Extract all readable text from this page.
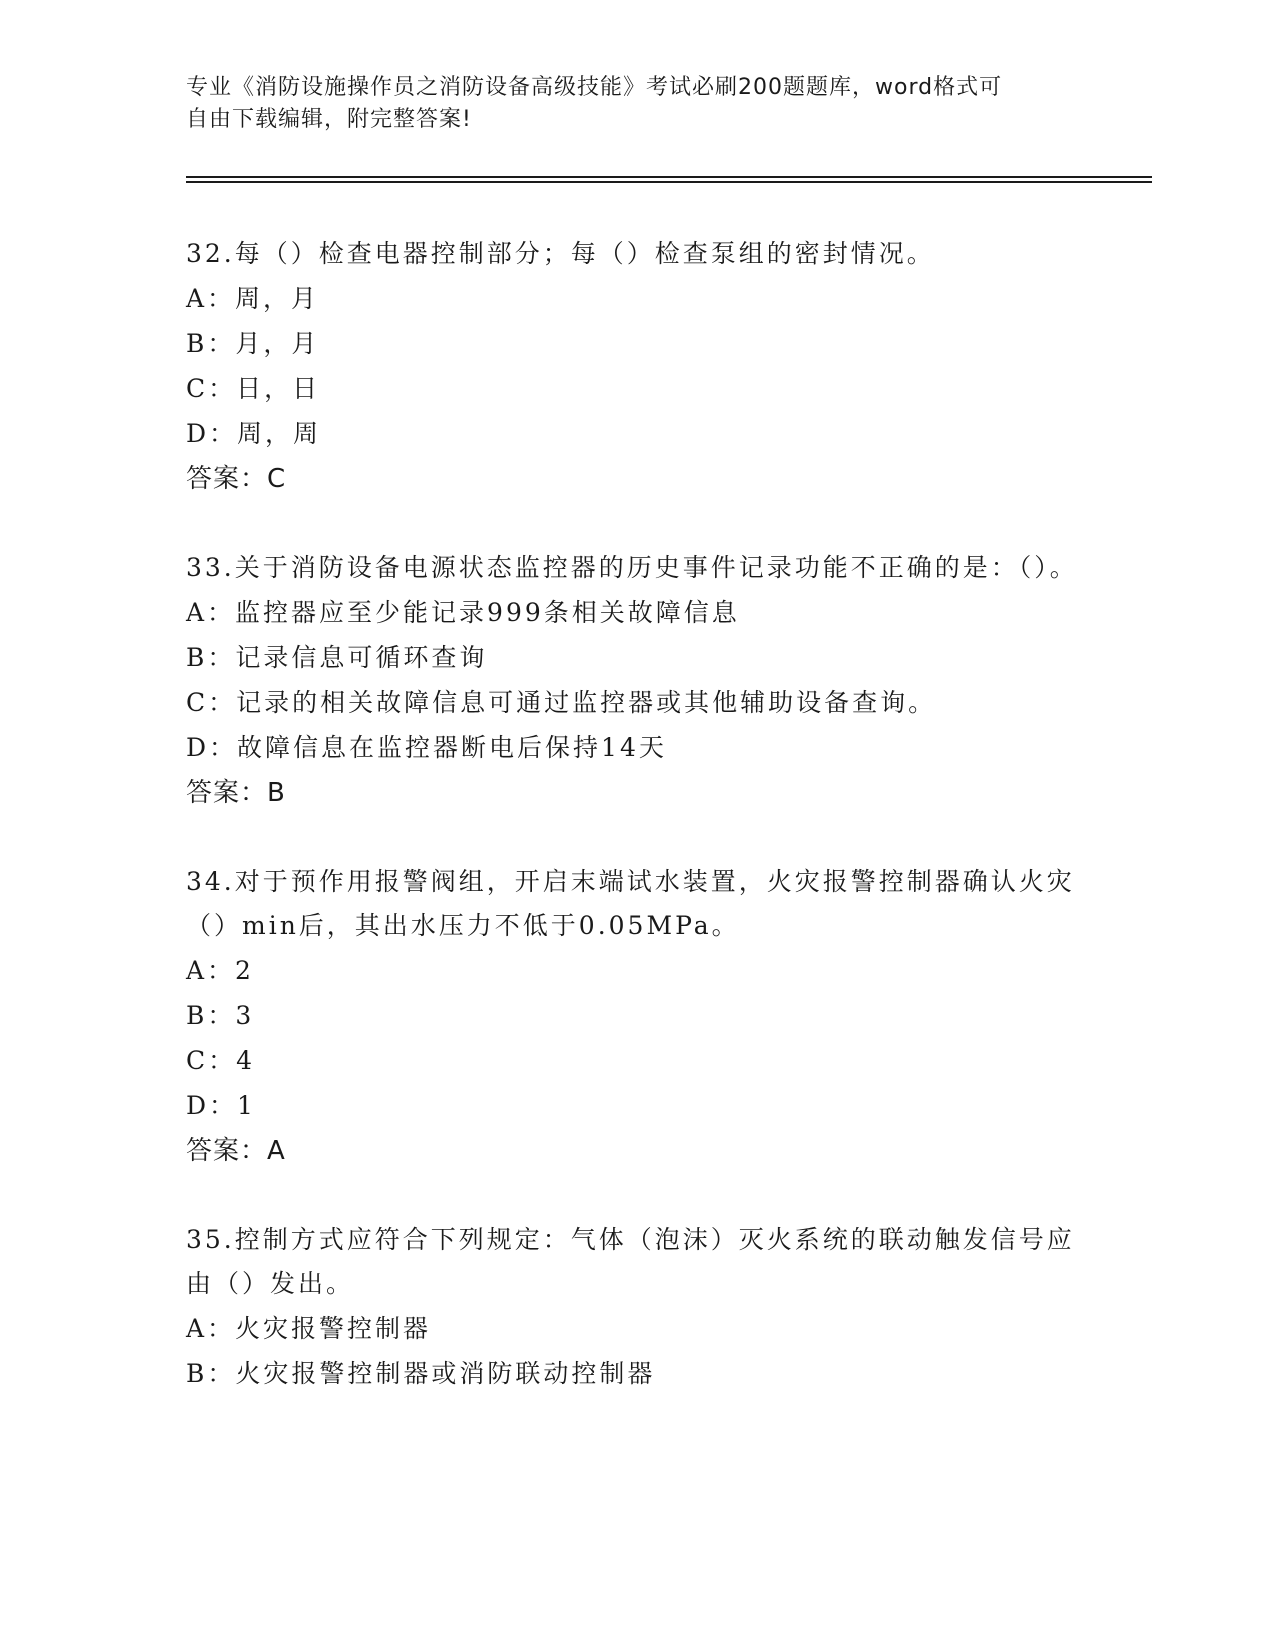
专业《消防设施操作员之消防设备高级技能》考试必刷200题题库，word格式可
自由下载编辑，附完整答案!
32.每（）检查电器控制部分；每（）检查泵组的密封情况。
A：周，月
B：月，月
C：日，日
D：周，周
答案：C
33.关于消防设备电源状态监控器的历史事件记录功能不正确的是：（）。
A：监控器应至少能记录999条相关故障信息
B：记录信息可循环查询
C：记录的相关故障信息可通过监控器或其他辅助设备查询。
D：故障信息在监控器断电后保持14天
答案：B
34.对于预作用报警阀组，开启末端试水装置，火灾报警控制器确认火灾（）min后，其出水压力不低于0.05MPa。
A：2
B：3
C：4
D：1
答案：A
35.控制方式应符合下列规定：气体（泡沫）灭火系统的联动触发信号应由（）发出。
A：火灾报警控制器
B：火灾报警控制器或消防联动控制器
